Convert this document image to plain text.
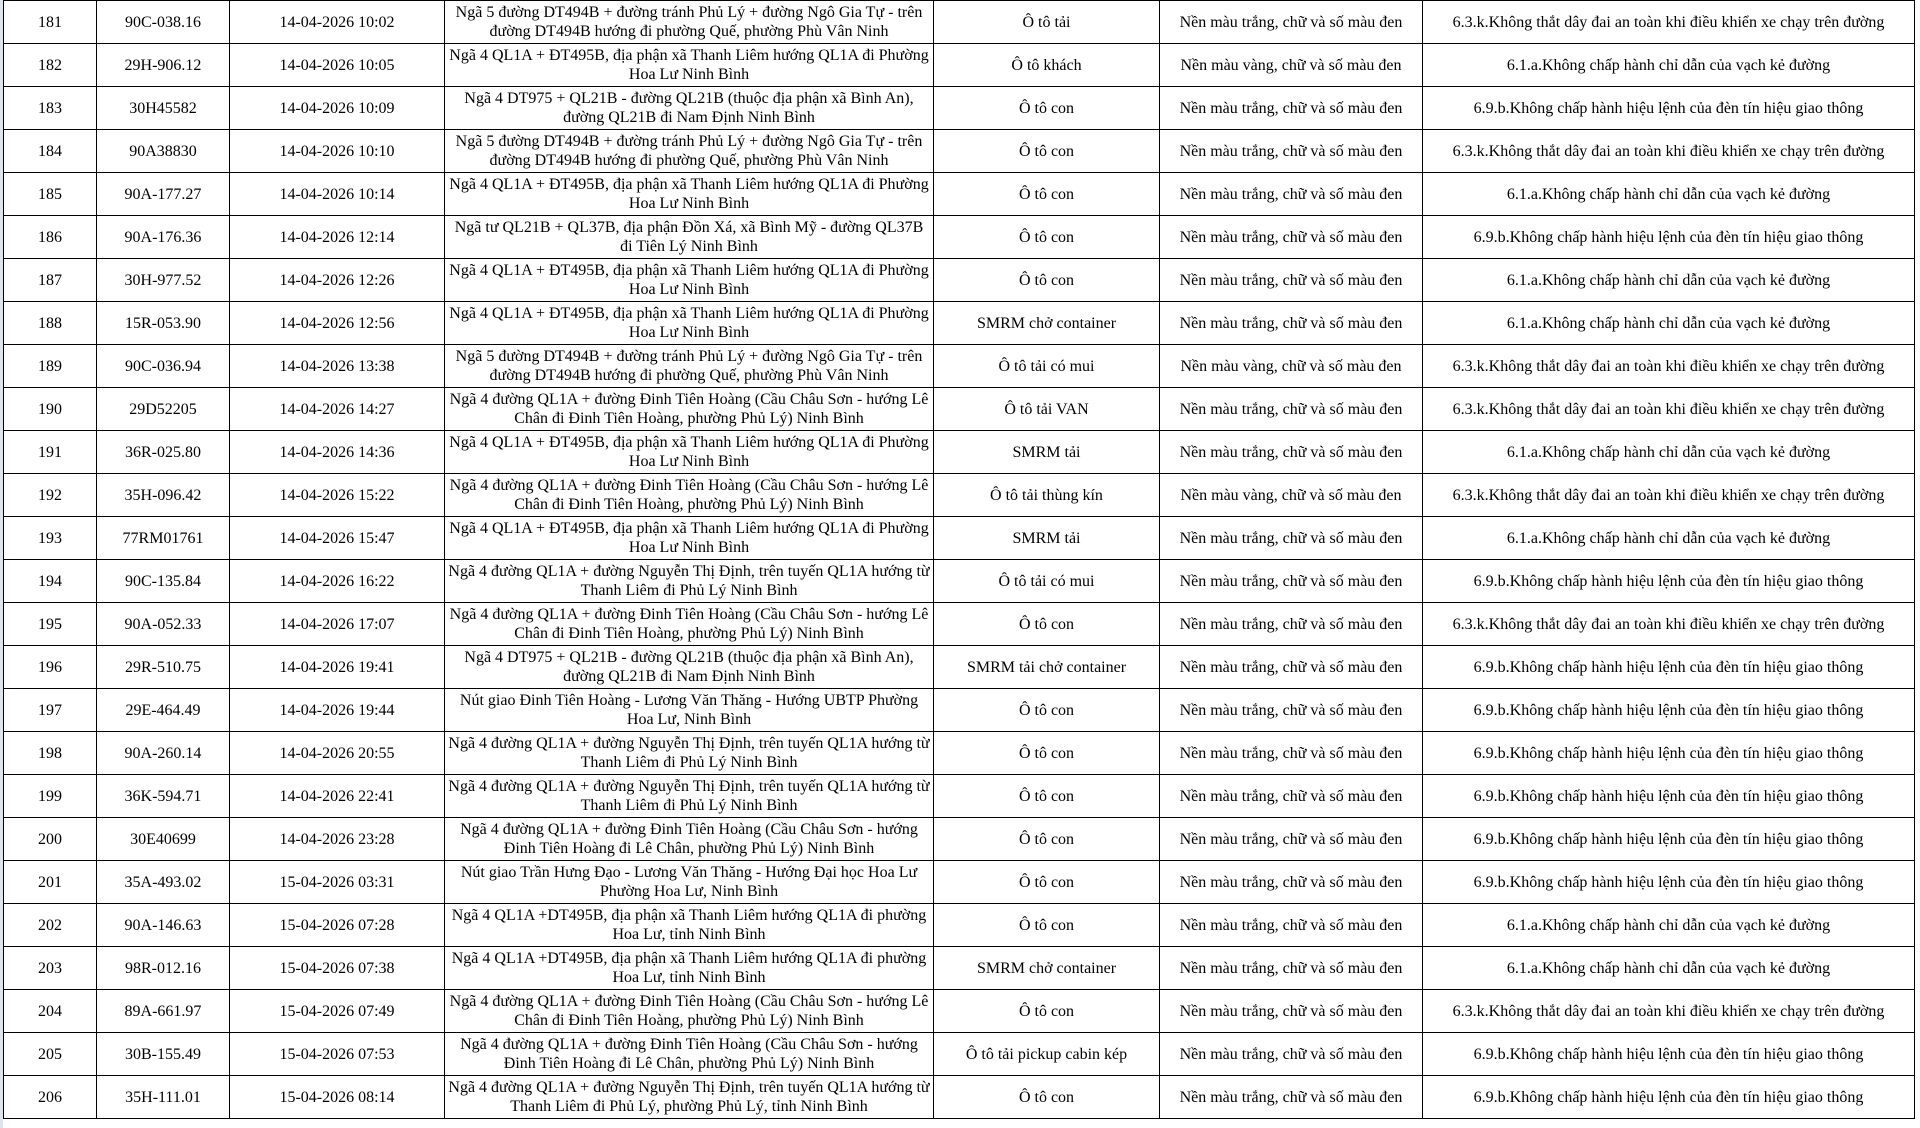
181	90C-038.16	14-04-2026 10:02	Ngã 5 đường DT494B + đường tránh Phủ Lý + đường Ngô Gia Tự - trên đường DT494B hướng đi phường Quế, phường Phù Vân Ninh	Ô tô tải	Nền màu trắng, chữ và số màu đen	6.3.k.Không thắt dây đai an toàn khi điều khiển xe chạy trên đường
182	29H-906.12	14-04-2026 10:05	Ngã 4 QL1A + ĐT495B, địa phận xã Thanh Liêm hướng QL1A đi Phường Hoa Lư Ninh Bình	Ô tô khách	Nền màu vàng, chữ và số màu đen	6.1.a.Không chấp hành chỉ dẫn của vạch kẻ đường
183	30H45582	14-04-2026 10:09	Ngã 4 DT975 + QL21B - đường QL21B (thuộc địa phận xã Bình An), đường QL21B đi Nam Định Ninh Bình	Ô tô con	Nền màu trắng, chữ và số màu đen	6.9.b.Không chấp hành hiệu lệnh của đèn tín hiệu giao thông
184	90A38830	14-04-2026 10:10	Ngã 5 đường DT494B + đường tránh Phủ Lý + đường Ngô Gia Tự - trên đường DT494B hướng đi phường Quế, phường Phù Vân Ninh	Ô tô con	Nền màu trắng, chữ và số màu đen	6.3.k.Không thắt dây đai an toàn khi điều khiển xe chạy trên đường
185	90A-177.27	14-04-2026 10:14	Ngã 4 QL1A + ĐT495B, địa phận xã Thanh Liêm hướng QL1A đi Phường Hoa Lư Ninh Bình	Ô tô con	Nền màu trắng, chữ và số màu đen	6.1.a.Không chấp hành chỉ dẫn của vạch kẻ đường
186	90A-176.36	14-04-2026 12:14	Ngã tư QL21B + QL37B, địa phận Đồn Xá, xã Bình Mỹ - đường QL37B đi Tiên Lý Ninh Bình	Ô tô con	Nền màu trắng, chữ và số màu đen	6.9.b.Không chấp hành hiệu lệnh của đèn tín hiệu giao thông
187	30H-977.52	14-04-2026 12:26	Ngã 4 QL1A + ĐT495B, địa phận xã Thanh Liêm hướng QL1A đi Phường Hoa Lư Ninh Bình	Ô tô con	Nền màu trắng, chữ và số màu đen	6.1.a.Không chấp hành chỉ dẫn của vạch kẻ đường
188	15R-053.90	14-04-2026 12:56	Ngã 4 QL1A + ĐT495B, địa phận xã Thanh Liêm hướng QL1A đi Phường Hoa Lư Ninh Bình	SMRM chở container	Nền màu trắng, chữ và số màu đen	6.1.a.Không chấp hành chỉ dẫn của vạch kẻ đường
189	90C-036.94	14-04-2026 13:38	Ngã 5 đường DT494B + đường tránh Phủ Lý + đường Ngô Gia Tự - trên đường DT494B hướng đi phường Quế, phường Phù Vân Ninh	Ô tô tải có mui	Nền màu vàng, chữ và số màu đen	6.3.k.Không thắt dây đai an toàn khi điều khiển xe chạy trên đường
190	29D52205	14-04-2026 14:27	Ngã 4 đường QL1A + đường Đinh Tiên Hoàng (Cầu Châu Sơn - hướng Lê Chân đi Đinh Tiên Hoàng, phường Phủ Lý) Ninh Bình	Ô tô tải VAN	Nền màu trắng, chữ và số màu đen	6.3.k.Không thắt dây đai an toàn khi điều khiển xe chạy trên đường
191	36R-025.80	14-04-2026 14:36	Ngã 4 QL1A + ĐT495B, địa phận xã Thanh Liêm hướng QL1A đi Phường Hoa Lư Ninh Bình	SMRM tải	Nền màu trắng, chữ và số màu đen	6.1.a.Không chấp hành chỉ dẫn của vạch kẻ đường
192	35H-096.42	14-04-2026 15:22	Ngã 4 đường QL1A + đường Đinh Tiên Hoàng (Cầu Châu Sơn - hướng Lê Chân đi Đinh Tiên Hoàng, phường Phủ Lý) Ninh Bình	Ô tô tải thùng kín	Nền màu vàng, chữ và số màu đen	6.3.k.Không thắt dây đai an toàn khi điều khiển xe chạy trên đường
193	77RM01761	14-04-2026 15:47	Ngã 4 QL1A + ĐT495B, địa phận xã Thanh Liêm hướng QL1A đi Phường Hoa Lư Ninh Bình	SMRM tải	Nền màu trắng, chữ và số màu đen	6.1.a.Không chấp hành chỉ dẫn của vạch kẻ đường
194	90C-135.84	14-04-2026 16:22	Ngã 4 đường QL1A + đường Nguyễn Thị Định, trên tuyến QL1A hướng từ Thanh Liêm đi Phủ Lý Ninh Bình	Ô tô tải có mui	Nền màu trắng, chữ và số màu đen	6.9.b.Không chấp hành hiệu lệnh của đèn tín hiệu giao thông
195	90A-052.33	14-04-2026 17:07	Ngã 4 đường QL1A + đường Đinh Tiên Hoàng (Cầu Châu Sơn - hướng Lê Chân đi Đinh Tiên Hoàng, phường Phủ Lý) Ninh Bình	Ô tô con	Nền màu trắng, chữ và số màu đen	6.3.k.Không thắt dây đai an toàn khi điều khiển xe chạy trên đường
196	29R-510.75	14-04-2026 19:41	Ngã 4 DT975 + QL21B - đường QL21B (thuộc địa phận xã Bình An), đường QL21B đi Nam Định Ninh Bình	SMRM tải chở container	Nền màu trắng, chữ và số màu đen	6.9.b.Không chấp hành hiệu lệnh của đèn tín hiệu giao thông
197	29E-464.49	14-04-2026 19:44	Nút giao Đinh Tiên Hoàng - Lương Văn Thăng - Hướng UBTP Phường Hoa Lư, Ninh Bình	Ô tô con	Nền màu trắng, chữ và số màu đen	6.9.b.Không chấp hành hiệu lệnh của đèn tín hiệu giao thông
198	90A-260.14	14-04-2026 20:55	Ngã 4 đường QL1A + đường Nguyễn Thị Định, trên tuyến QL1A hướng từ Thanh Liêm đi Phủ Lý Ninh Bình	Ô tô con	Nền màu trắng, chữ và số màu đen	6.9.b.Không chấp hành hiệu lệnh của đèn tín hiệu giao thông
199	36K-594.71	14-04-2026 22:41	Ngã 4 đường QL1A + đường Nguyễn Thị Định, trên tuyến QL1A hướng từ Thanh Liêm đi Phủ Lý Ninh Bình	Ô tô con	Nền màu trắng, chữ và số màu đen	6.9.b.Không chấp hành hiệu lệnh của đèn tín hiệu giao thông
200	30E40699	14-04-2026 23:28	Ngã 4 đường QL1A + đường Đinh Tiên Hoàng (Cầu Châu Sơn - hướng Đinh Tiên Hoàng đi Lê Chân, phường Phủ Lý) Ninh Bình	Ô tô con	Nền màu trắng, chữ và số màu đen	6.9.b.Không chấp hành hiệu lệnh của đèn tín hiệu giao thông
201	35A-493.02	15-04-2026 03:31	Nút giao Trần Hưng Đạo - Lương Văn Thăng - Hướng Đại học Hoa Lư Phường Hoa Lư, Ninh Bình	Ô tô con	Nền màu trắng, chữ và số màu đen	6.9.b.Không chấp hành hiệu lệnh của đèn tín hiệu giao thông
202	90A-146.63	15-04-2026 07:28	Ngã 4 QL1A +DT495B, địa phận xã Thanh Liêm hướng QL1A đi phường Hoa Lư, tỉnh Ninh Bình	Ô tô con	Nền màu trắng, chữ và số màu đen	6.1.a.Không chấp hành chỉ dẫn của vạch kẻ đường
203	98R-012.16	15-04-2026 07:38	Ngã 4 QL1A +DT495B, địa phận xã Thanh Liêm hướng QL1A đi phường Hoa Lư, tỉnh Ninh Bình	SMRM chở container	Nền màu trắng, chữ và số màu đen	6.1.a.Không chấp hành chỉ dẫn của vạch kẻ đường
204	89A-661.97	15-04-2026 07:49	Ngã 4 đường QL1A + đường Đinh Tiên Hoàng (Cầu Châu Sơn - hướng Lê Chân đi Đinh Tiên Hoàng, phường Phủ Lý) Ninh Bình	Ô tô con	Nền màu trắng, chữ và số màu đen	6.3.k.Không thắt dây đai an toàn khi điều khiển xe chạy trên đường
205	30B-155.49	15-04-2026 07:53	Ngã 4 đường QL1A + đường Đinh Tiên Hoàng (Cầu Châu Sơn - hướng Đinh Tiên Hoàng đi Lê Chân, phường Phủ Lý) Ninh Bình	Ô tô tải pickup cabin kép	Nền màu trắng, chữ và số màu đen	6.9.b.Không chấp hành hiệu lệnh của đèn tín hiệu giao thông
206	35H-111.01	15-04-2026 08:14	Ngã 4 đường QL1A + đường Nguyễn Thị Định, trên tuyến QL1A hướng từ Thanh Liêm đi Phủ Lý, phường Phủ Lý, tỉnh Ninh Bình	Ô tô con	Nền màu trắng, chữ và số màu đen	6.9.b.Không chấp hành hiệu lệnh của đèn tín hiệu giao thông
